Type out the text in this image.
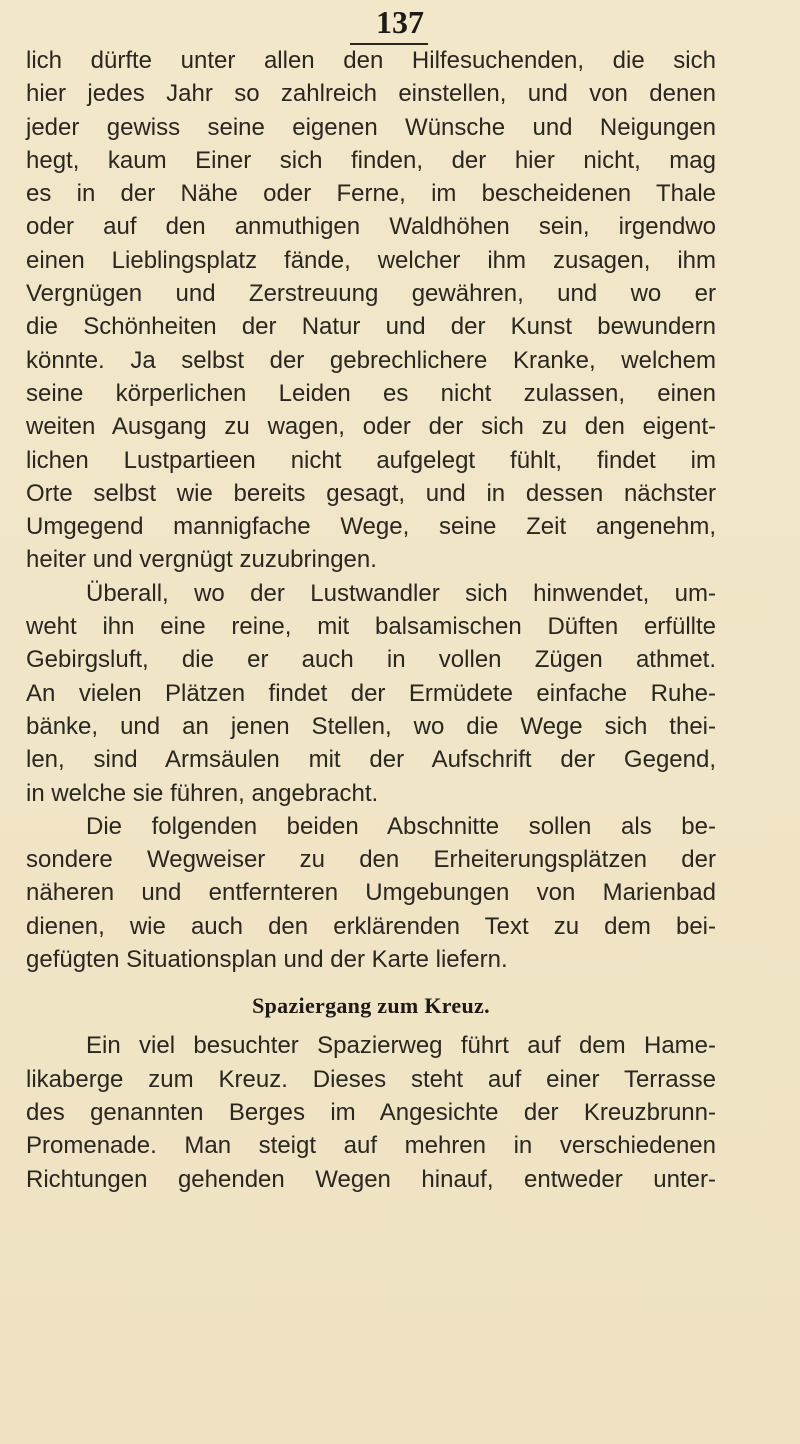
137
lich dürfte unter allen den Hilfesuchenden, die sich
hier jedes Jahr so zahlreich einstellen, und von denen
jeder gewiss seine eigenen Wünsche und Neigungen
hegt, kaum Einer sich finden, der hier nicht, mag
es in der Nähe oder Ferne, im bescheidenen Thale
oder auf den anmuthigen Waldhöhen sein, irgendwo
einen Lieblingsplatz fände, welcher ihm zusagen, ihm
Vergnügen und Zerstreuung gewähren, und wo er
die Schönheiten der Natur und der Kunst bewundern
könnte. Ja selbst der gebrechlichere Kranke, welchem
seine körperlichen Leiden es nicht zulassen, einen
weiten Ausgang zu wagen, oder der sich zu den eigent-
lichen Lustpartieen nicht aufgelegt fühlt, findet im
Orte selbst wie bereits gesagt, und in dessen nächster
Umgegend mannigfache Wege, seine Zeit angenehm,
heiter und vergnügt zuzubringen.
Überall, wo der Lustwandler sich hinwendet, um-
weht ihn eine reine, mit balsamischen Düften erfüllte
Gebirgsluft, die er auch in vollen Zügen athmet.
An vielen Plätzen findet der Ermüdete einfache Ruhe-
bänke, und an jenen Stellen, wo die Wege sich thei-
len, sind Armsäulen mit der Aufschrift der Gegend,
in welche sie führen, angebracht.
Die folgenden beiden Abschnitte sollen als be-
sondere Wegweiser zu den Erheiterungsplätzen der
näheren und entfernteren Umgebungen von Marienbad
dienen, wie auch den erklärenden Text zu dem bei-
gefügten Situationsplan und der Karte liefern.
Spaziergang zum Kreuz.
Ein viel besuchter Spazierweg führt auf dem Hame-
likaberge zum Kreuz. Dieses steht auf einer Terrasse
des genannten Berges im Angesichte der Kreuzbrunn-
Promenade. Man steigt auf mehren in verschiedenen
Richtungen gehenden Wegen hinauf, entweder unter-
